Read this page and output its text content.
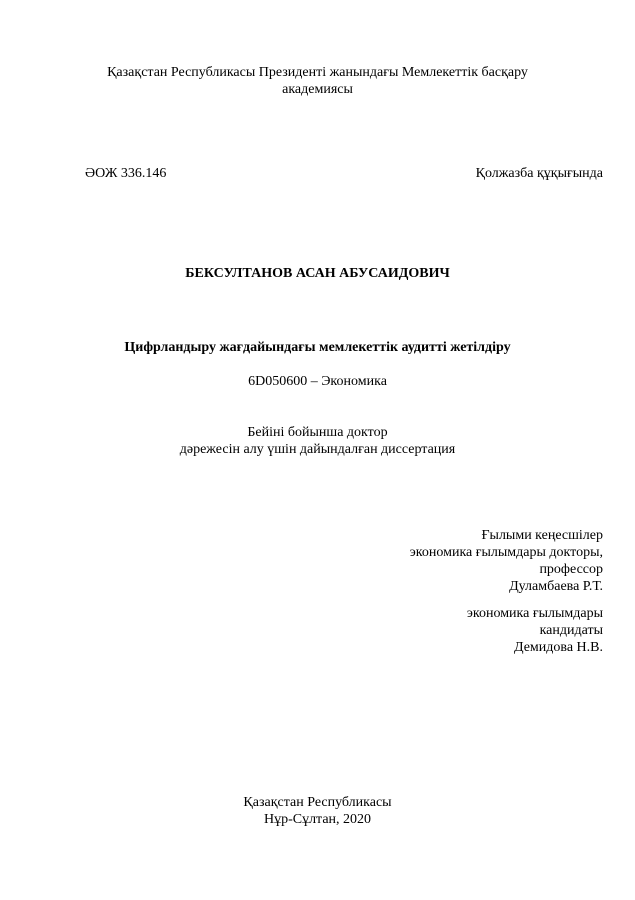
Қазақстан Республикасы Президенті жанындағы Мемлекеттік басқару
академиясы
ӘОЖ 336.146	Қолжазба құқығында
БЕКСУЛТАНОВ АСАН АБУСАИДОВИЧ
Цифрландыру жағдайындағы мемлекеттік аудитті жетілдіру
6D050600 – Экономика
Бейіні бойынша доктор
дәрежесін алу үшін дайындалған диссертация
Ғылыми кеңесшілер
экономика ғылымдары докторы,
профессор
Дуламбаева Р.Т.
экономика ғылымдары
кандидаты
Демидова Н.В.
Қазақстан Республикасы
Нұр-Сұлтан, 2020
